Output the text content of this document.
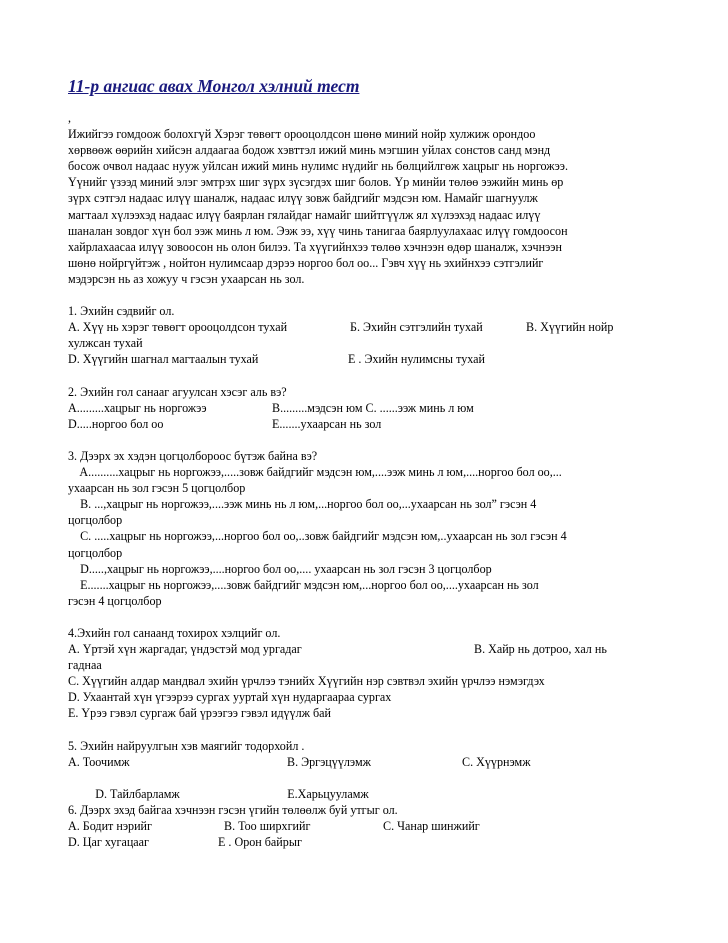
11-р ангиас авах Монгол хэлний тест
,
Ижийгээ гомдоож болохгүй Хэрэг төвөгт орооцолдсон шөнө миний нойр хулжиж орондоо
хөрвөөж өөрийн хийсэн алдаагаа бодож хэвттэл ижий минь мэгшин уйлах сонстов санд мэнд
босож очвол надаас нууж уйлсан ижий минь нулимс нүдийг нь бөлцийлгөж хацрыг нь норгожээ.
Үүнийг үзээд миний элэг эмтрэх шиг зүрх зүсэгдэх шиг болов. Үр минйи төлөө ээжийн минь өр
зүрх сэтгэл надаас илүү шаналж, надаас илүү зовж байдгийг мэдсэн юм. Намайг шагнуулж
магтаал хүлээхэд надаас илүү баярлан гялайдаг намайг шийтгүүлж ял хүлээхэд надаас илүү
шаналан зовдог хүн бол ээж минь л юм. Ээж ээ, хүү чинь танигаа баярлуулахаас илүү гомдоосон
хайрлахаасаа илүү зовоосон нь олон билээ. Та хүүгийнхээ төлөө хэчнээн өдөр шаналж, хэчнээн
шөнө нойргүйтэж , нойтон нулимсаар дэрээ норгоо бол оо... Гэвч хүү нь эхийнхээ сэтгэлийг
мэдэрсэн нь аз хожуу ч гэсэн ухаарсан нь зол.
1. Эхийн сэдвийг ол.
A. Хүү нь хэрэг төвөгт орооцолдсон тухай	Б. Эхийн сэтгэлийн тухай	B. Хүүгийн нойр
хулжсан тухай
D. Хүүгийн шагнал магтаалын тухай	E . Эхийн нулимсны тухай
2. Эхийн гол санааг агуулсан хэсэг аль вэ?
A.........хацрыг нь норгожээ	B.........мэдсэн юм C. ......ээж минь л юм
D.....норгоо бол оо	E.......ухаарсан нь зол
3. Дээрх эх хэдэн цогцолбороос бүтэж байна вэ?
A..........хацрыг нь норгожээ,.....зовж байдгийг мэдсэн юм,....ээж минь л юм,....норгоо бол оо,...
ухаарсан нь зол гэсэн 5 цогцолбор
B. ...,хацрыг нь норгожээ,....ээж минь нь л юм,...норгоо бол оо,...ухаарсан нь зол” гэсэн 4
цогцолбор
C. .....хацрыг нь норгожээ,...норгоо бол оо,..зовж байдгийг мэдсэн юм,..ухаарсан нь зол гэсэн 4
цогцолбор
D.....,хацрыг нь норгожээ,....норгоо бол оо,.... ухаарсан нь зол гэсэн 3 цогцолбор
E.......хацрыг нь норгожээ,....зовж байдгийг мэдсэн юм,...норгоо бол оо,....ухаарсан нь зол
гэсэн 4 цогцолбор
4.Эхийн гол санаанд тохирох хэлцийг ол.
A. Үртэй хүн жаргадаг, үндэстэй мод ургадаг	B. Хайр нь дотроо, хал нь
гаднаа
C. Хүүгийн алдар мандвал эхийн үрчлээ тэнийх Хүүгийн нэр сэвтвэл эхийн үрчлээ нэмэгдэх
D. Ухаантай хүн үгээрээ сургах ууртай хүн нударгаараа сургах
E. Үрээ гэвэл сургаж бай үрээгээ гэвэл идүүлж бай
5. Эхийн найруулгын хэв маягийг тодорхойл .
A. Тоочимж	B. Эргэцүүлэмж	C. Хүүрнэмж

D. Тайлбарламж	E.Харьцууламж

6. Дээрх эхэд байгаа хэчнээн гэсэн үгийн төлөөлж буй утгыг ол.
A. Бодит нэрийг	B. Тоо ширхгийг	C. Чанар шинжийг
D. Цаг хугацааг	E . Орон байрыг
